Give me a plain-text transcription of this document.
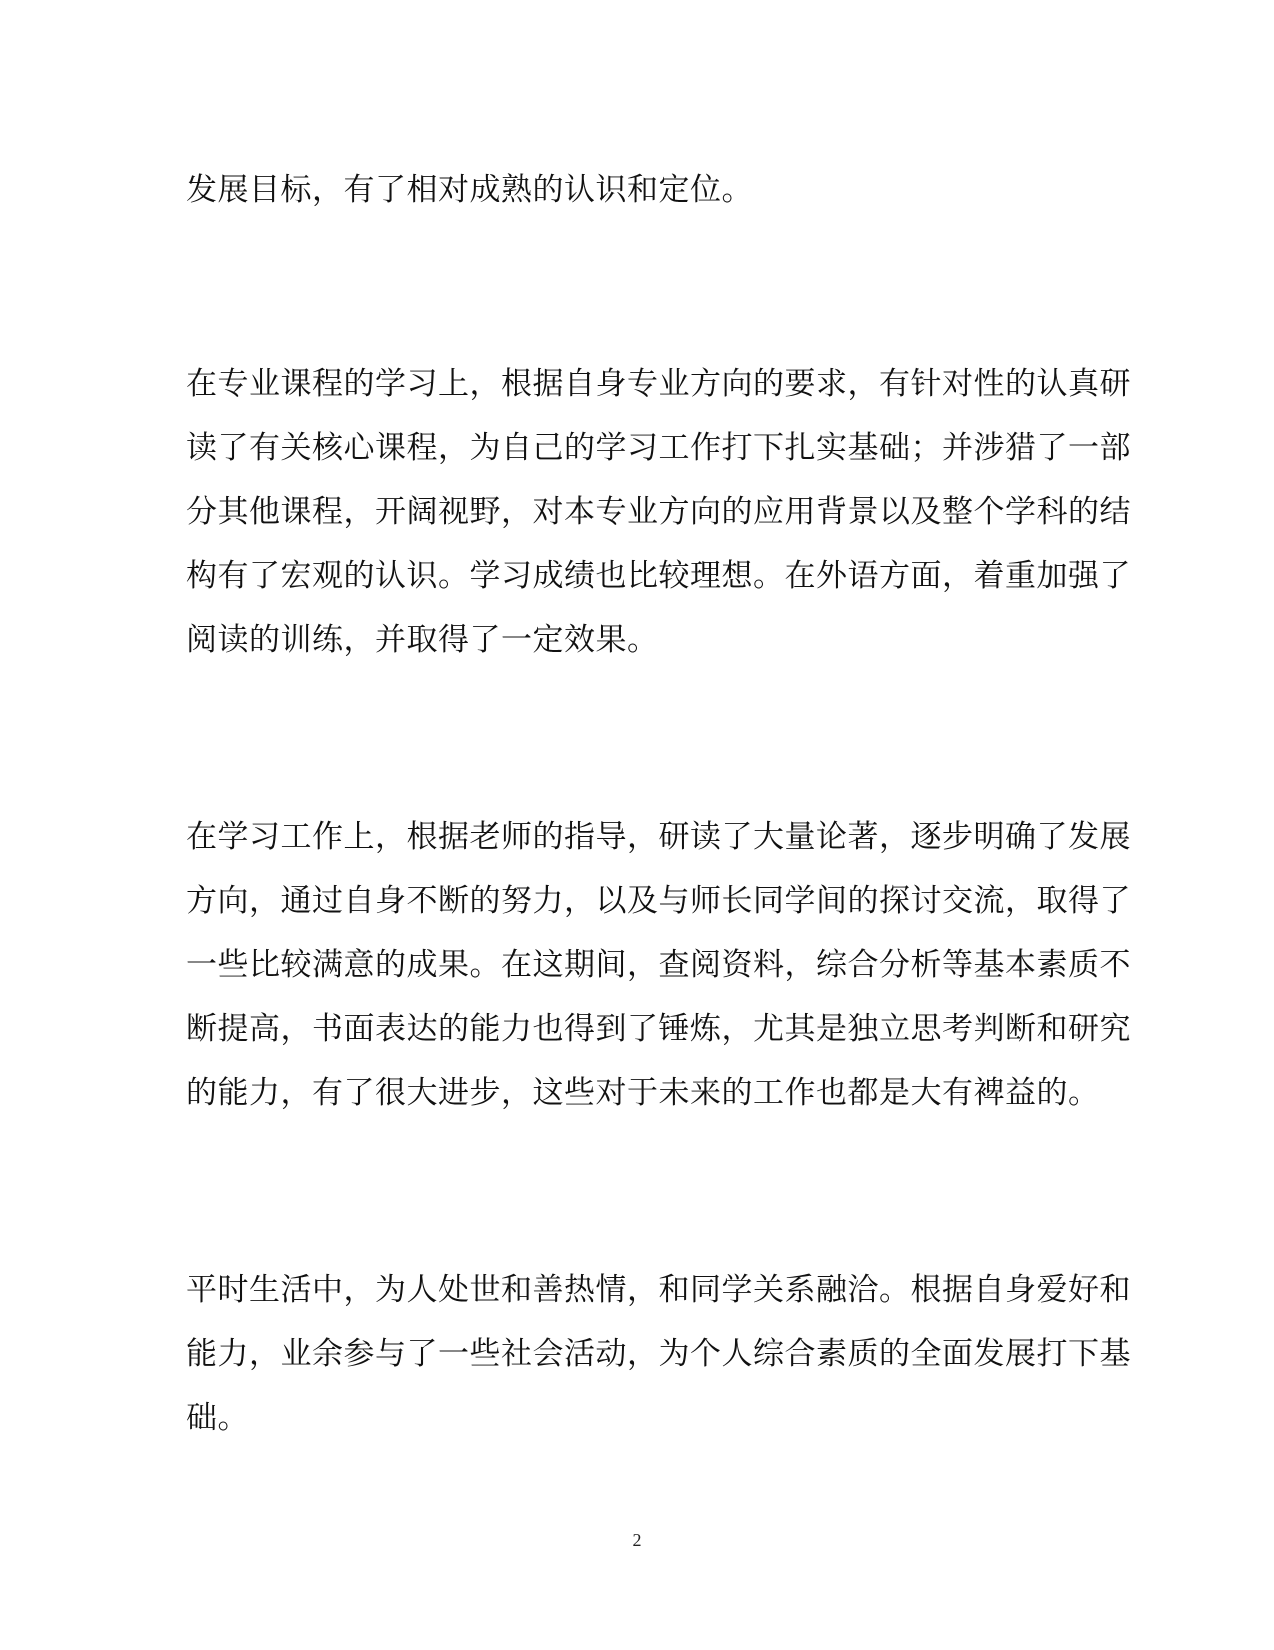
发展目标，有了相对成熟的认识和定位。

在专业课程的学习上，根据自身专业方向的要求，有针对性的认真研
读了有关核心课程，为自己的学习工作打下扎实基础；并涉猎了一部
分其他课程，开阔视野，对本专业方向的应用背景以及整个学科的结
构有了宏观的认识。学习成绩也比较理想。在外语方面，着重加强了
阅读的训练，并取得了一定效果。

在学习工作上，根据老师的指导，研读了大量论著，逐步明确了发展
方向，通过自身不断的努力，以及与师长同学间的探讨交流，取得了
一些比较满意的成果。在这期间，查阅资料，综合分析等基本素质不
断提高，书面表达的能力也得到了锤炼，尤其是独立思考判断和研究
的能力，有了很大进步，这些对于未来的工作也都是大有裨益的。

平时生活中，为人处世和善热情，和同学关系融洽。根据自身爱好和
能力，业余参与了一些社会活动，为个人综合素质的全面发展打下基
础。

2
